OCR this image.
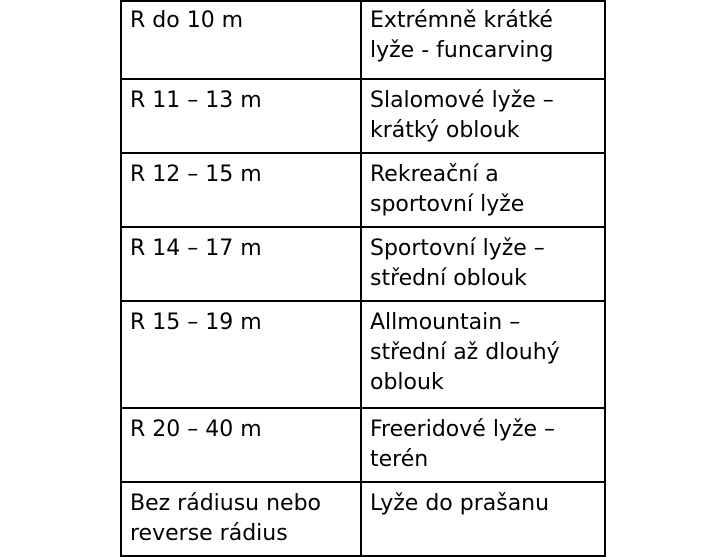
R do 10 m	Extrémně krátké lyže - funcarving
R 11 – 13 m	Slalomové lyže – krátký oblouk
R 12 – 15 m	Rekreační a sportovní lyže
R 14 – 17 m	Sportovní lyže – střední oblouk
R 15 – 19 m	Allmountain – střední až dlouhý oblouk
R 20 – 40 m	Freeridové lyže – terén
Bez rádiusu nebo reverse rádius	Lyže do prašanu
